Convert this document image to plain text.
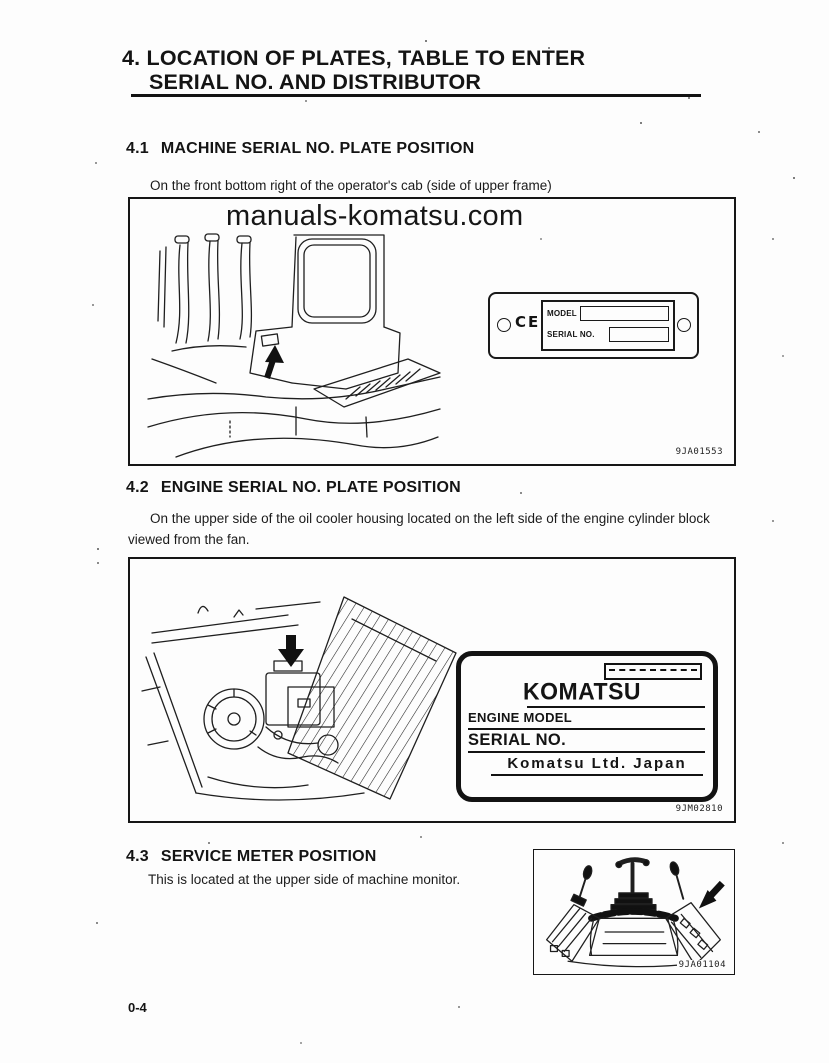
4. LOCATION OF PLATES, TABLE TO ENTER
SERIAL NO. AND DISTRIBUTOR
4.1 MACHINE SERIAL NO. PLATE POSITION
On the front bottom right of the operator's cab (side of upper frame)
manuals-komatsu.com
CE MODEL
SERIAL NO.
9JA01553
4.2 ENGINE SERIAL NO. PLATE POSITION
On the upper side of the oil cooler housing located on the left side of the engine cylinder block viewed from the fan.
KOMATSU
ENGINE MODEL
SERIAL NO.
Komatsu Ltd. Japan
9JM02810
4.3 SERVICE METER POSITION
This is located at the upper side of machine monitor.
9JA01104
0-4
